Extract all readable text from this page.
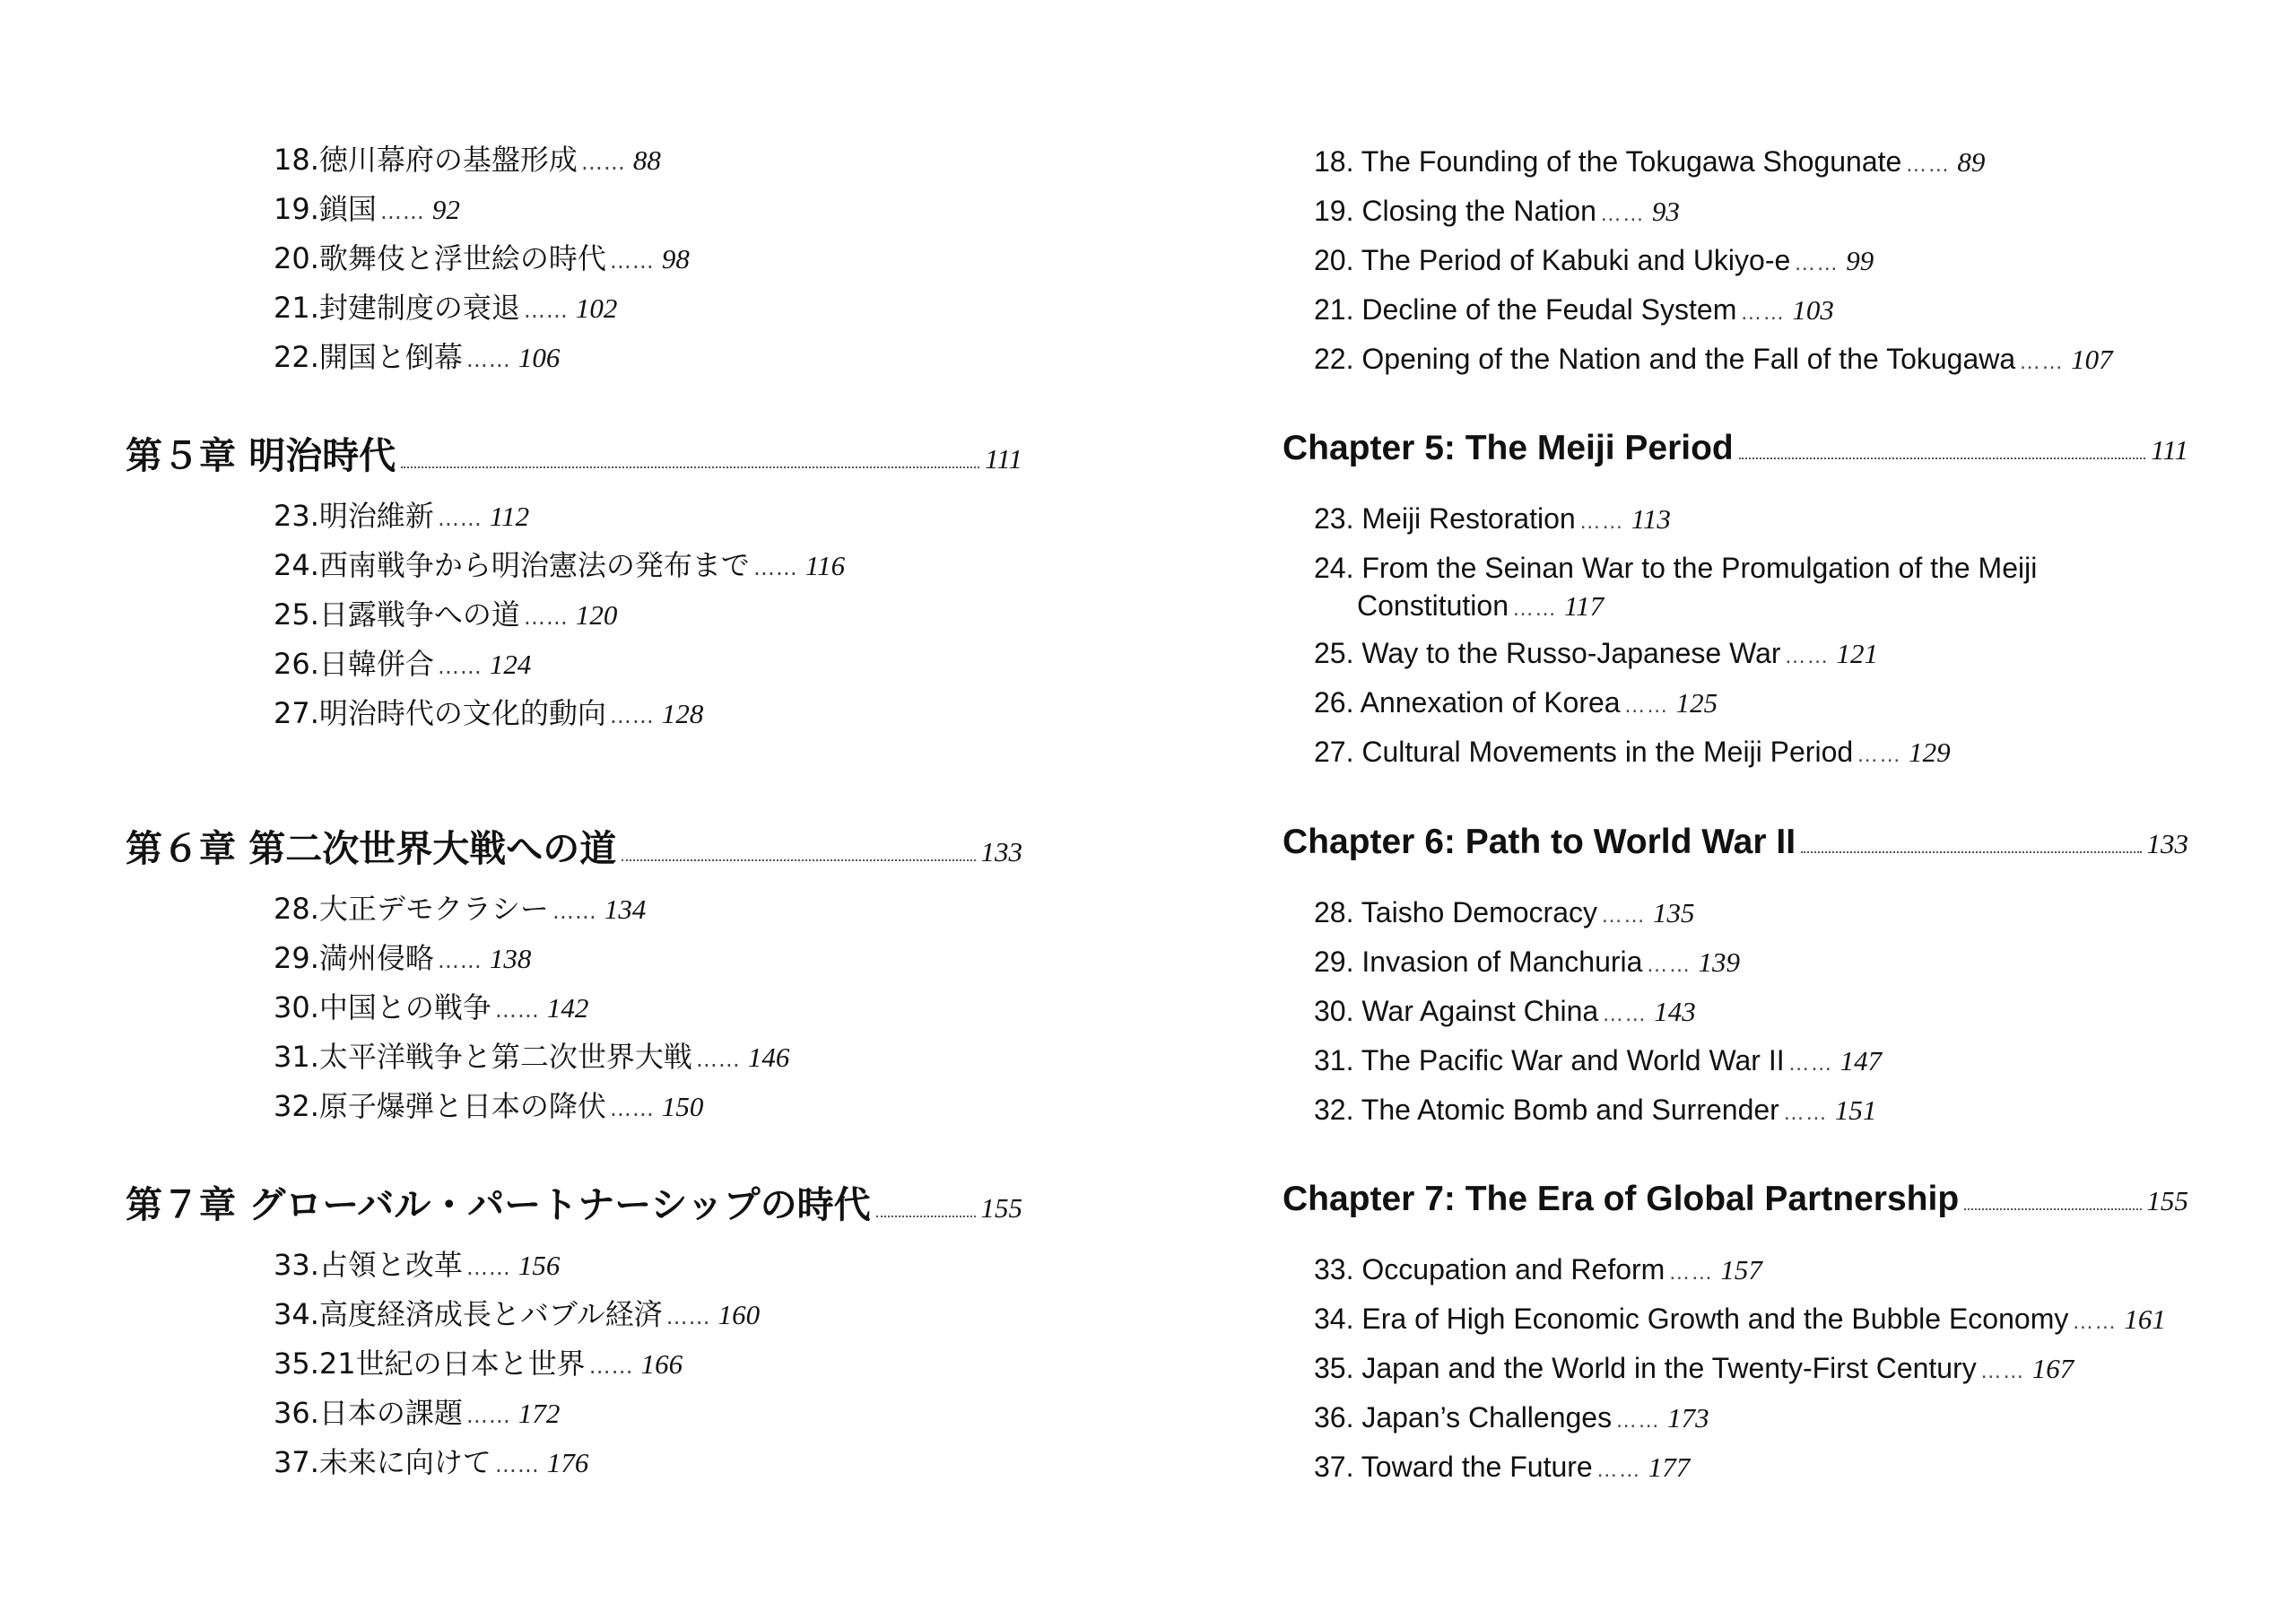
18.徳川幕府の基盤形成 …… 88
19.鎖国 …… 92
20.歌舞伎と浮世絵の時代 …… 98
21.封建制度の衰退 …… 102
22.開国と倒幕 …… 106
第５章 明治時代	111
23.明治維新 …… 112
24.西南戦争から明治憲法の発布まで …… 116
25.日露戦争への道 …… 120
26.日韓併合 …… 124
27.明治時代の文化的動向 …… 128
第６章 第二次世界大戦への道	133
28.大正デモクラシー …… 134
29.満州侵略 …… 138
30.中国との戦争 …… 142
31.太平洋戦争と第二次世界大戦 …… 146
32.原子爆弾と日本の降伏 …… 150
第７章 グローバル・パートナーシップの時代	155
33.占領と改革 …… 156
34.高度経済成長とバブル経済 …… 160
35.21世紀の日本と世界 …… 166
36.日本の課題 …… 172
37.未来に向けて …… 176
18. The Founding of the Tokugawa Shogunate …… 89
19. Closing the Nation …… 93
20. The Period of Kabuki and Ukiyo-e …… 99
21. Decline of the Feudal System …… 103
22. Opening of the Nation and the Fall of the Tokugawa …… 107
Chapter 5: The Meiji Period	111
23. Meiji Restoration …… 113
24. From the Seinan War to the Promulgation of the Meiji
Constitution …… 117
25. Way to the Russo-Japanese War …… 121
26. Annexation of Korea …… 125
27. Cultural Movements in the Meiji Period …… 129
Chapter 6: Path to World War II	133
28. Taisho Democracy …… 135
29. Invasion of Manchuria …… 139
30. War Against China …… 143
31. The Pacific War and World War II …… 147
32. The Atomic Bomb and Surrender …… 151
Chapter 7: The Era of Global Partnership	155
33. Occupation and Reform …… 157
34. Era of High Economic Growth and the Bubble Economy …… 161
35. Japan and the World in the Twenty-First Century …… 167
36. Japan’s Challenges …… 173
37. Toward the Future …… 177
